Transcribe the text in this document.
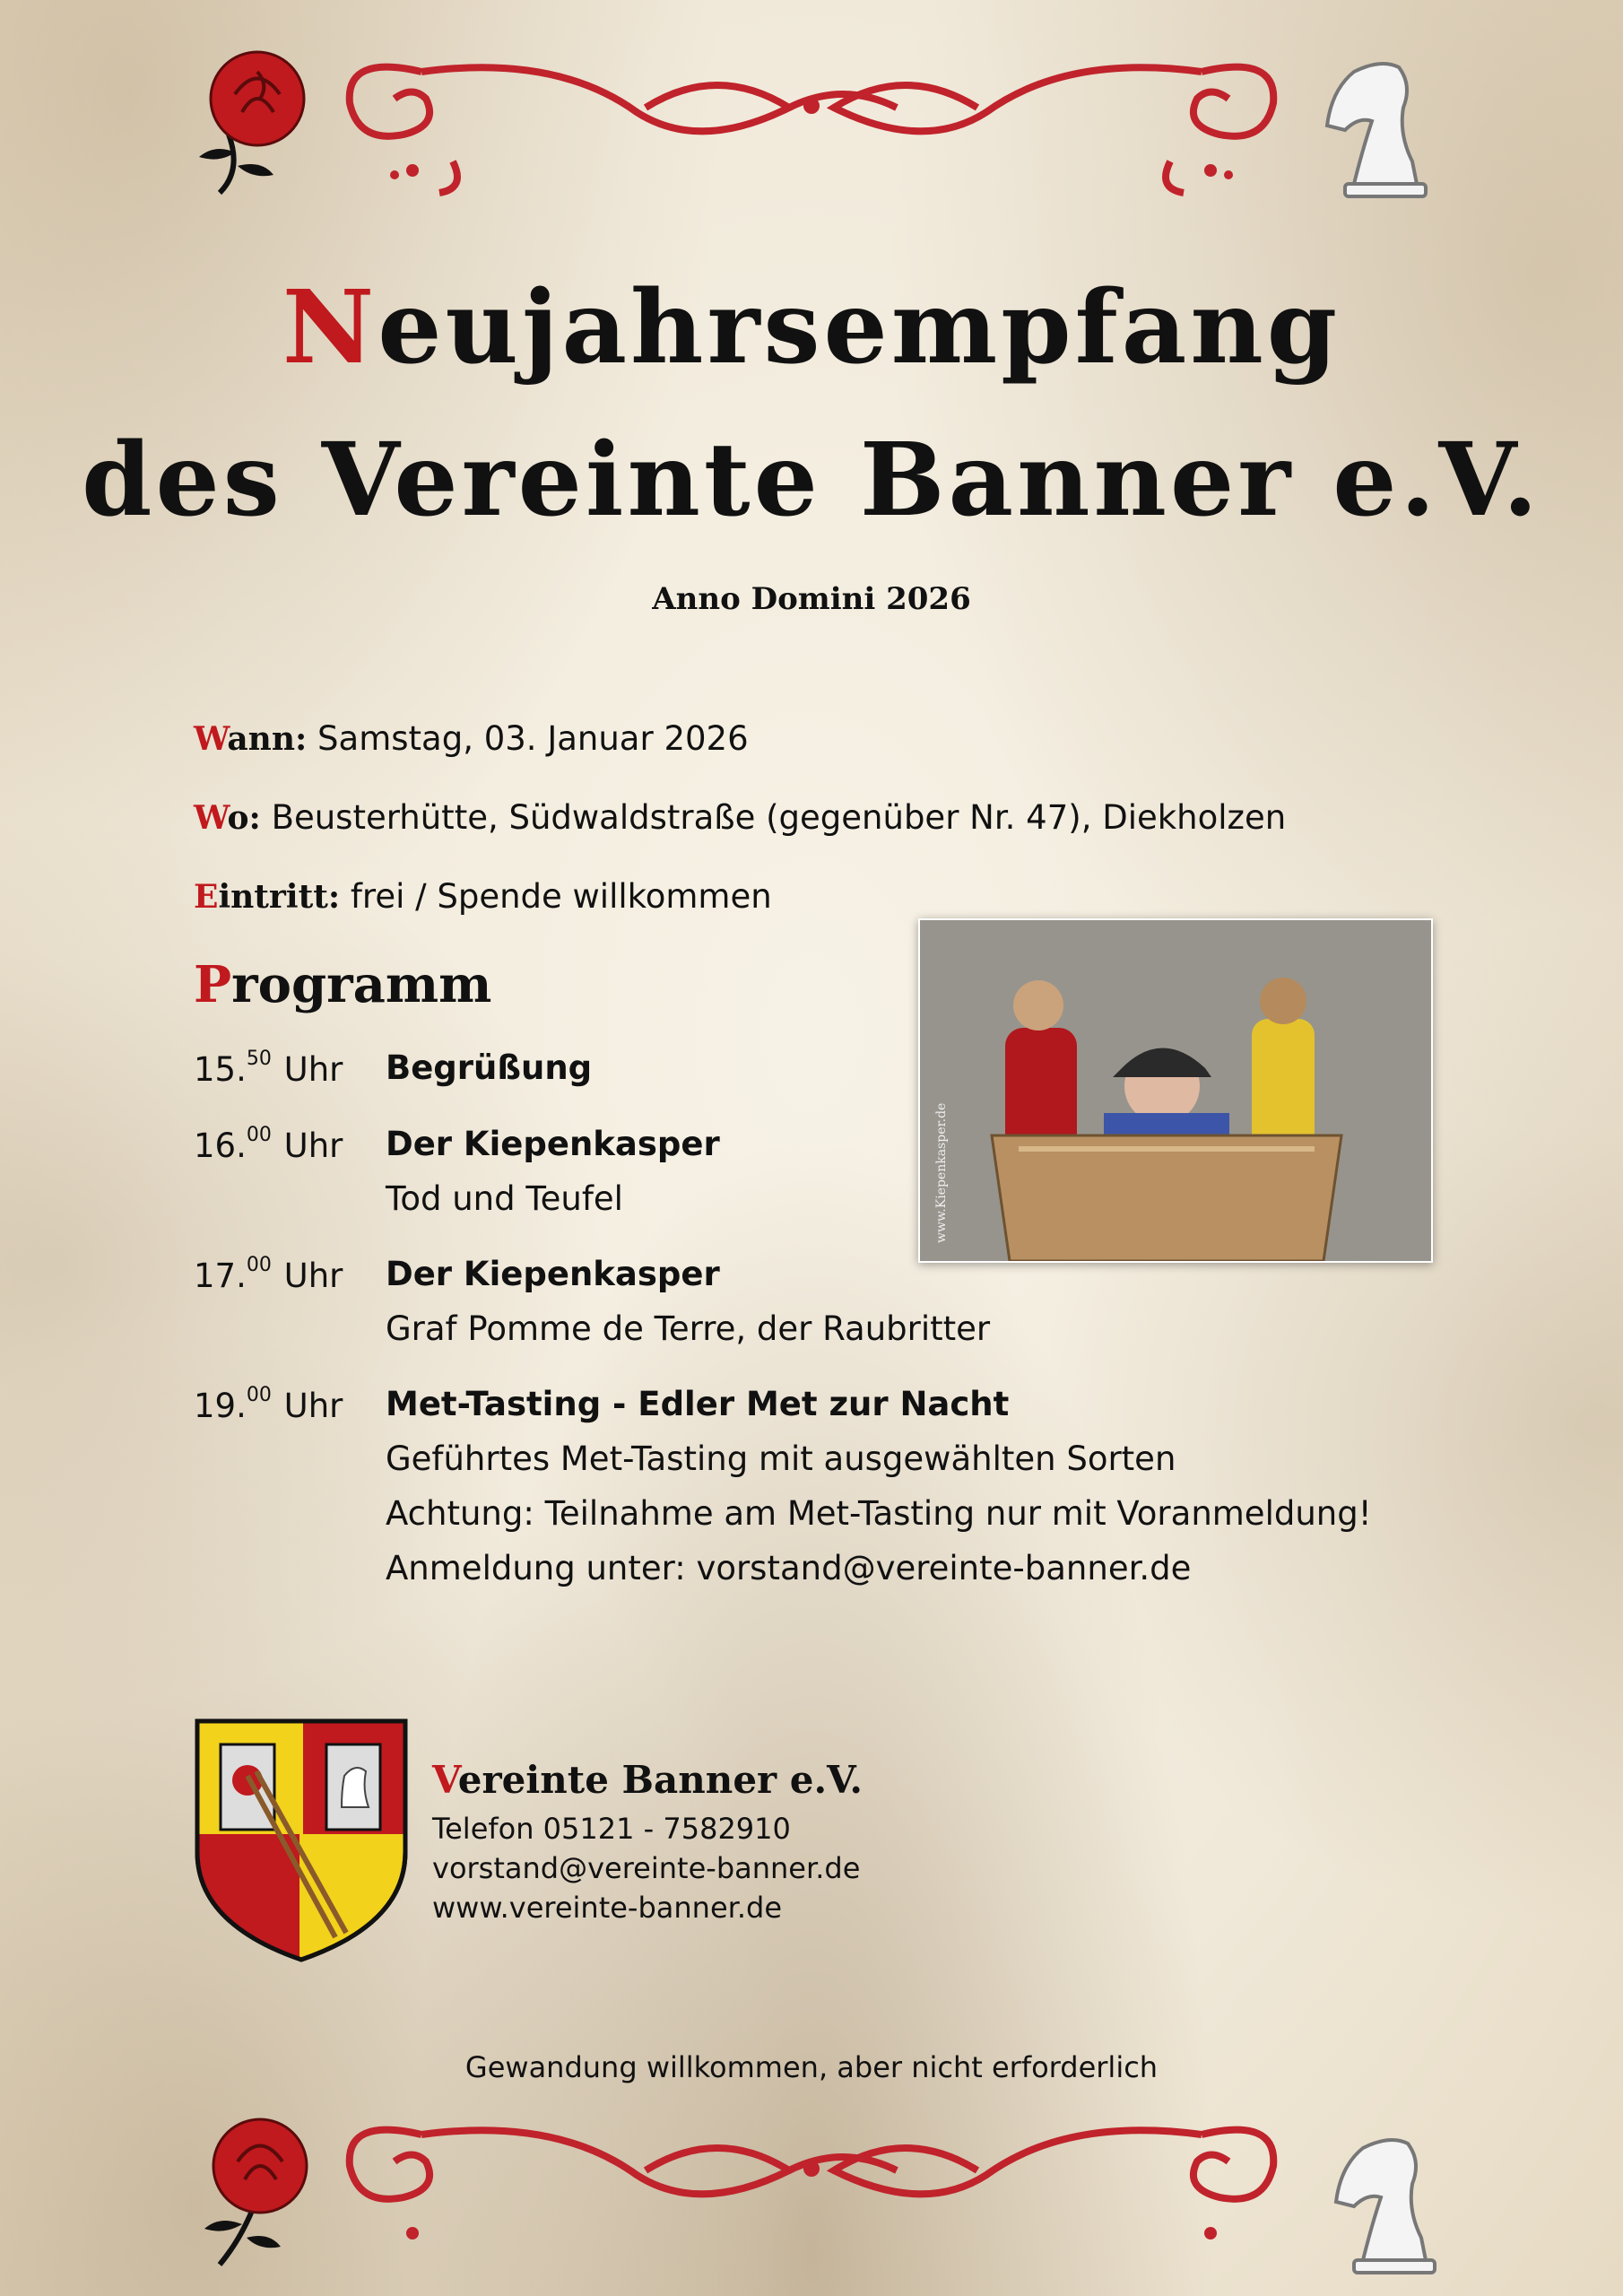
Neujahrsempfang
des Vereinte Banner e.V.
Anno Domini 2026
Wann: Samstag, 03. Januar 2026
Wo: Beusterhütte, Südwaldstraße (gegenüber Nr. 47), Diekholzen
Eintritt: frei / Spende willkommen
Programm
15.50 Uhr Begrüßung
16.00 Uhr Der Kiepenkasper
Tod und Teufel
17.00 Uhr Der Kiepenkasper
Graf Pomme de Terre, der Raubritter
19.00 Uhr Met-Tasting - Edler Met zur Nacht
Geführtes Met-Tasting mit ausgewählten Sorten
Achtung: Teilnahme am Met-Tasting nur mit Voranmeldung!
Anmeldung unter: vorstand@vereinte-banner.de
www.Kiepenkasper.de
Vereinte Banner e.V.
Telefon 05121 - 7582910
vorstand@vereinte-banner.de
www.vereinte-banner.de
Gewandung willkommen, aber nicht erforderlich
